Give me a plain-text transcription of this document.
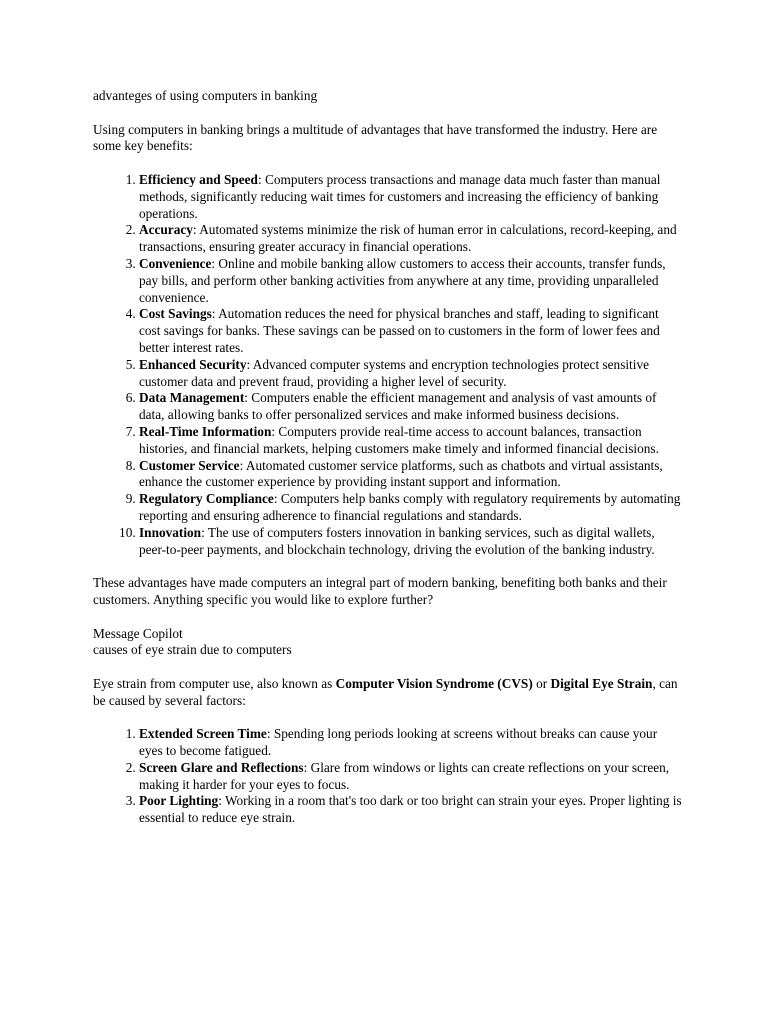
advanteges of using computers in banking

Using computers in banking brings a multitude of advantages that have transformed the industry. Here are some key benefits:

1. Efficiency and Speed: Computers process transactions and manage data much faster than manual methods, significantly reducing wait times for customers and increasing the efficiency of banking operations.
2. Accuracy: Automated systems minimize the risk of human error in calculations, record-keeping, and transactions, ensuring greater accuracy in financial operations.
3. Convenience: Online and mobile banking allow customers to access their accounts, transfer funds, pay bills, and perform other banking activities from anywhere at any time, providing unparalleled convenience.
4. Cost Savings: Automation reduces the need for physical branches and staff, leading to significant cost savings for banks. These savings can be passed on to customers in the form of lower fees and better interest rates.
5. Enhanced Security: Advanced computer systems and encryption technologies protect sensitive customer data and prevent fraud, providing a higher level of security.
6. Data Management: Computers enable the efficient management and analysis of vast amounts of data, allowing banks to offer personalized services and make informed business decisions.
7. Real-Time Information: Computers provide real-time access to account balances, transaction histories, and financial markets, helping customers make timely and informed financial decisions.
8. Customer Service: Automated customer service platforms, such as chatbots and virtual assistants, enhance the customer experience by providing instant support and information.
9. Regulatory Compliance: Computers help banks comply with regulatory requirements by automating reporting and ensuring adherence to financial regulations and standards.
10. Innovation: The use of computers fosters innovation in banking services, such as digital wallets, peer-to-peer payments, and blockchain technology, driving the evolution of the banking industry.

These advantages have made computers an integral part of modern banking, benefiting both banks and their customers. Anything specific you would like to explore further?

Message Copilot

causes of eye strain due to computers

Eye strain from computer use, also known as Computer Vision Syndrome (CVS) or Digital Eye Strain, can be caused by several factors:

1. Extended Screen Time: Spending long periods looking at screens without breaks can cause your eyes to become fatigued.
2. Screen Glare and Reflections: Glare from windows or lights can create reflections on your screen, making it harder for your eyes to focus.
3. Poor Lighting: Working in a room that's too dark or too bright can strain your eyes. Proper lighting is essential to reduce eye strain.
